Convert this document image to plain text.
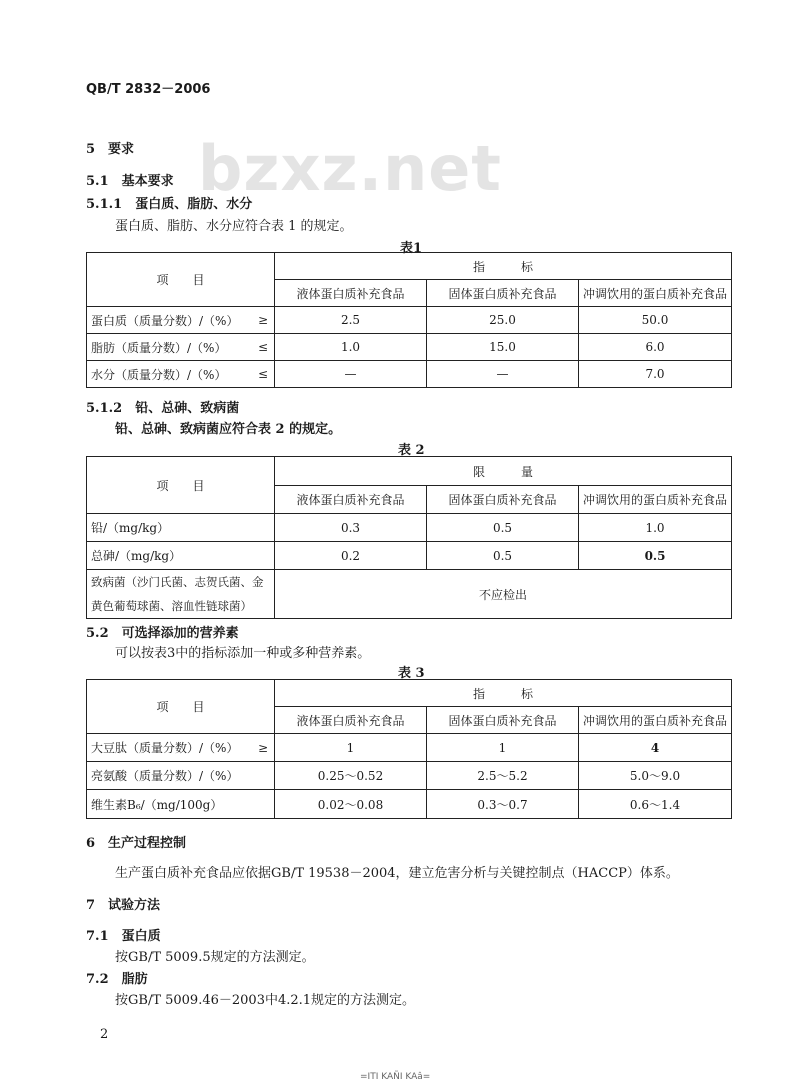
QB/T 2832－2006
bzxz.net
5　要求
5.1　基本要求
5.1.1　蛋白质、脂肪、水分
蛋白质、脂肪、水分应符合表 1 的规定。
表1
项　　目	指　　　标		
	液体蛋白质补充食品	固体蛋白质补充食品	冲调饮用的蛋白质补充食品
蛋白质（质量分数）/（%） ≥	2.5	25.0	50.0
脂肪（质量分数）/（%） ≤	1.0	15.0	6.0
水分（质量分数）/（%） ≤	—	—	7.0
5.1.2　铅、总砷、致病菌
铅、总砷、致病菌应符合表 2 的规定。
表 2
项　　目	限　　　量		
	液体蛋白质补充食品	固体蛋白质补充食品	冲调饮用的蛋白质补充食品
铅/（mg/kg）	0.3	0.5	1.0
总砷/（mg/kg）	0.2	0.5	0.5

致病菌（沙门氏菌、志贺氏菌、金
黄色葡萄球菌、溶血性链球菌）	不应检出		
5.2　可选择添加的营养素
可以按表3中的指标添加一种或多种营养素。
表 3
项　　目	指　　　标		
	液体蛋白质补充食品	固体蛋白质补充食品	冲调饮用的蛋白质补充食品
大豆肽（质量分数）/（%） ≥	1	1	4
亮氨酸（质量分数）/（%）	0.25～0.52	2.5～5.2	5.0～9.0
维生素B₆/（mg/100g）	0.02～0.08	0.3～0.7	0.6～1.4
6　生产过程控制
生产蛋白质补充食品应依据GB/T 19538－2004，建立危害分析与关键控制点（HACCP）体系。
7　试验方法
7.1　蛋白质
按GB/T 5009.5规定的方法测定。
7.2　脂肪
按GB/T 5009.46－2003中4.2.1规定的方法测定。
2
=ITI KAÑI KAâ=
